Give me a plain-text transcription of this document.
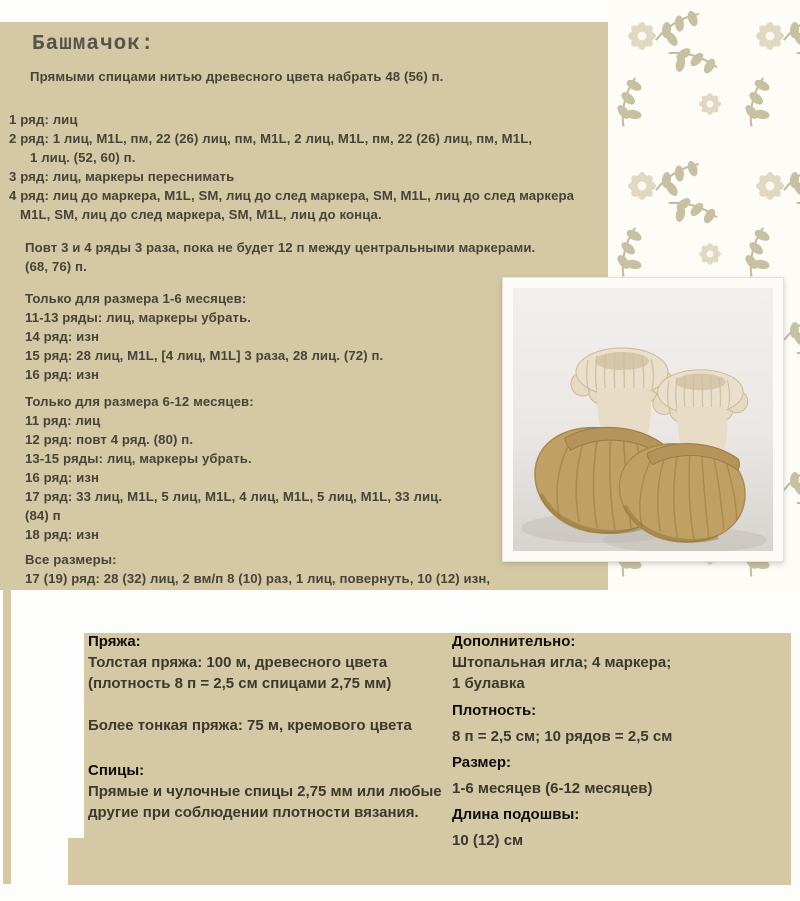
Башмачок:
Прямыми спицами нитью древесного цвета набрать 48 (56) п.
1 ряд: лиц
2 ряд: 1 лиц, M1L, пм, 22 (26) лиц, пм, M1L, 2 лиц, M1L, пм, 22 (26) лиц, пм, M1L,
1 лиц. (52, 60) п.
3 ряд: лиц, маркеры переснимать
4 ряд: лиц до маркера, M1L, SM, лиц до след маркера, SM, M1L, лиц до след маркера
M1L, SM, лиц до след маркера, SM, M1L, лиц до конца.
Повт 3 и 4 ряды 3 раза, пока не будет 12 п между центральными маркерами.
(68, 76) п.
Только для размера 1-6 месяцев:
11-13 ряды: лиц, маркеры убрать.
14 ряд: изн
15 ряд: 28 лиц, M1L, [4 лиц, M1L] 3 раза, 28 лиц. (72) п.
16 ряд: изн
Только для размера 6-12 месяцев:
11 ряд: лиц
12 ряд: повт 4 ряд. (80) п.
13-15 ряды: лиц, маркеры убрать.
16 ряд: изн
17 ряд: 33 лиц, M1L, 5 лиц, M1L, 4 лиц, M1L, 5 лиц, M1L, 33 лиц.
(84) п
18 ряд: изн
Все размеры:
17 (19) ряд: 28 (32) лиц, 2 вм/п 8 (10) раз, 1 лиц, повернуть, 10 (12) изн,
Пряжа:
Толстая пряжа: 100 м, древесного цвета
(плотность 8 п = 2,5 см спицами 2,75 мм)
Более тонкая пряжа: 75 м, кремового цвета
Спицы:
Прямые и чулочные спицы 2,75 мм или любые
другие при соблюдении плотности вязания.
Дополнительно:
Штопальная игла; 4 маркера;
1 булавка
Плотность:
8 п = 2,5 см; 10 рядов = 2,5 см
Размер:
1-6 месяцев (6-12 месяцев)
Длина подошвы:
10 (12) см
